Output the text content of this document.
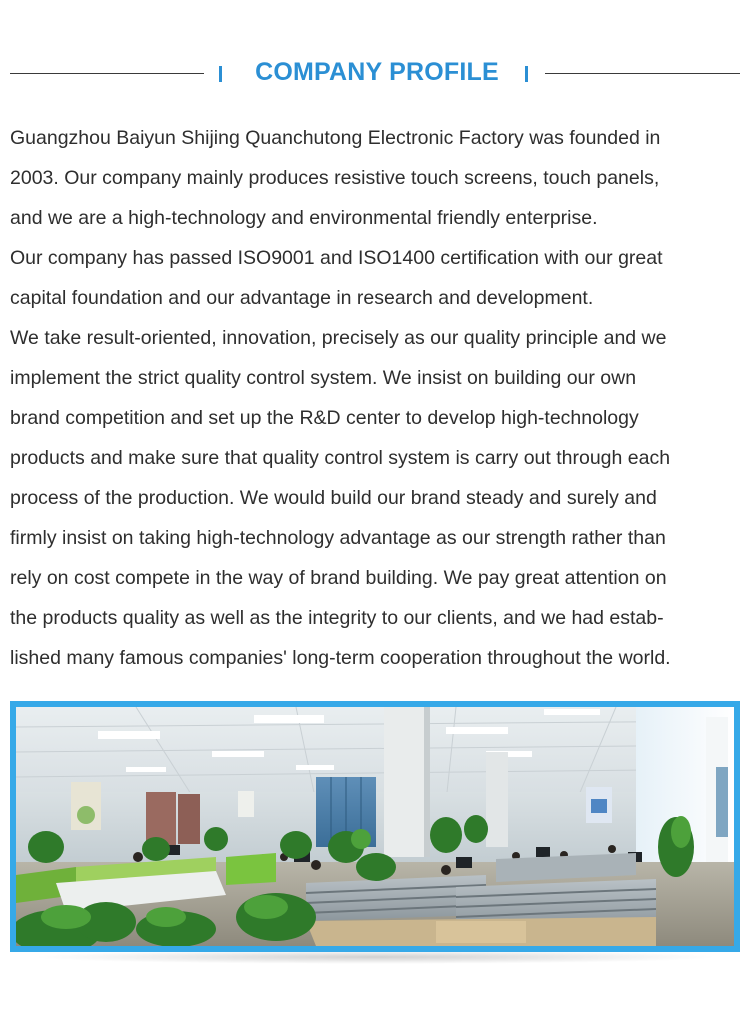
COMPANY PROFILE
Guangzhou Baiyun Shijing Quanchutong Electronic Factory was founded in
2003. Our company mainly produces resistive touch screens, touch panels,
and we are a high-technology and environmental friendly enterprise.
Our company has passed ISO9001 and ISO1400 certification with our great
capital foundation and our advantage in research and development.
We take result-oriented, innovation, precisely as our quality principle and we
implement the strict quality control system. We insist on building our own
brand competition and set up the R&D center to develop high-technology
products and make sure that quality control system is carry out through each
process of the production. We would build our brand steady and surely and
firmly insist on taking high-technology advantage as our strength rather than
rely on cost compete in the way of brand building. We pay great attention on
the products quality as well as the integrity to our clients, and we had estab-
lished many famous companies' long-term cooperation throughout the world.
